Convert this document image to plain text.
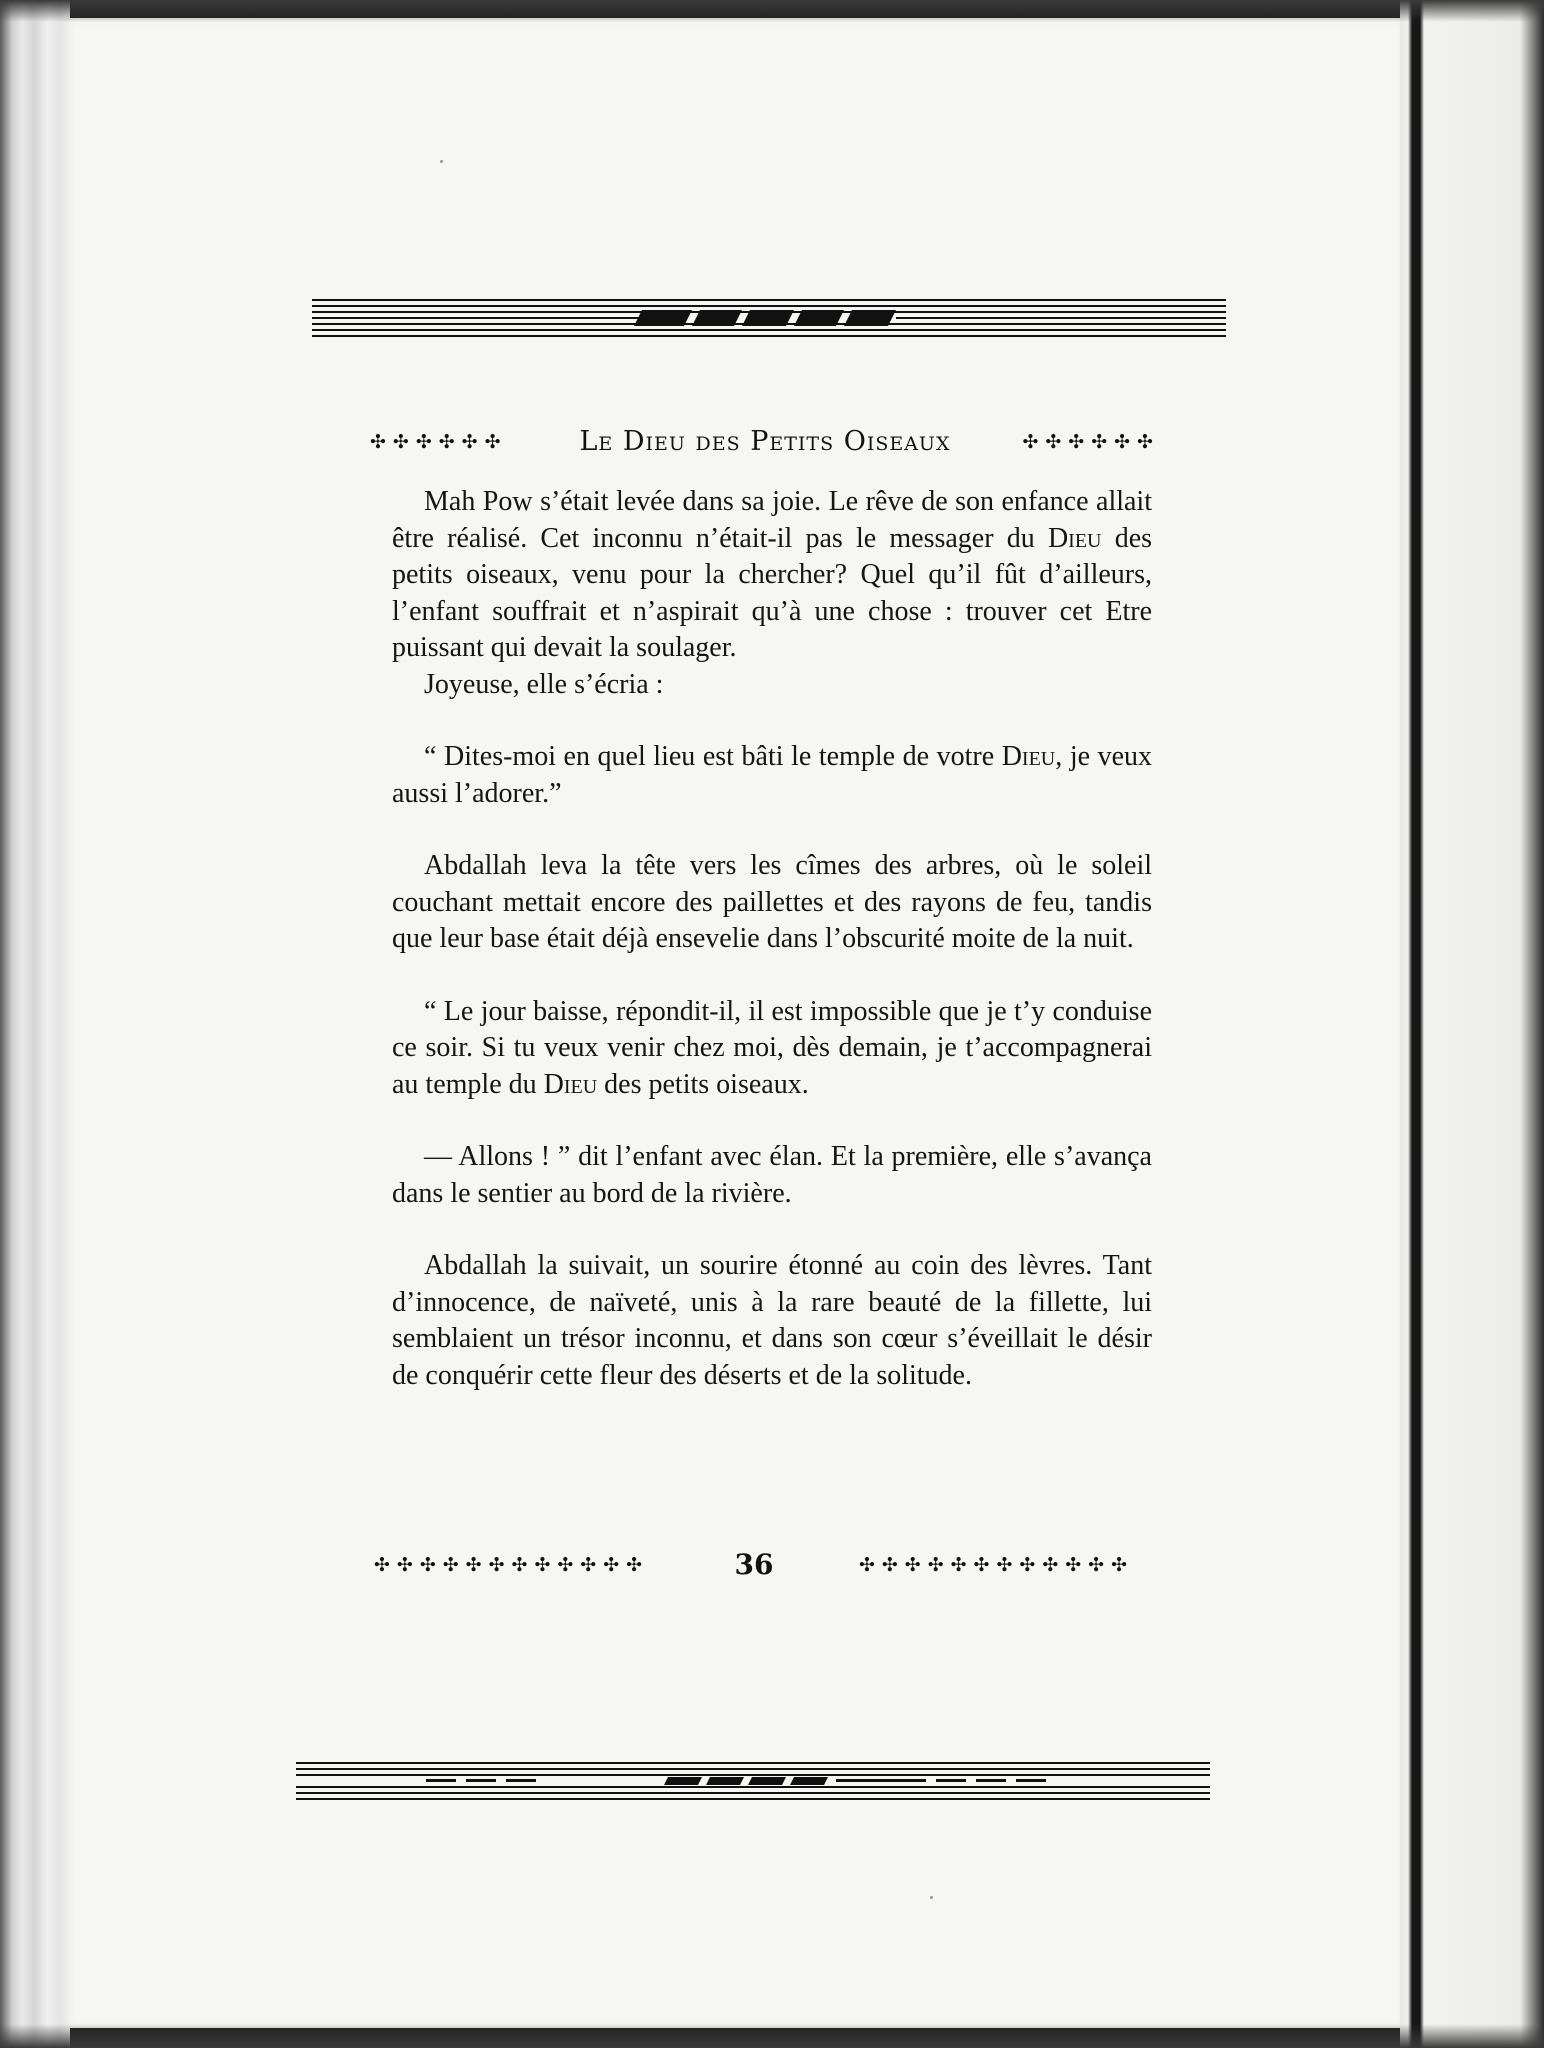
✣✣✣✣✣✣	Le Dieu des Petits Oiseaux	✣✣✣✣✣✣

Mah Pow s’était levée dans sa joie. Le rêve de son enfance allait être réalisé. Cet inconnu n’était-il pas le messager du Dieu des petits oiseaux, venu pour la chercher? Quel qu’il fût d’ailleurs, l’enfant souffrait et n’aspirait qu’à une chose : trouver cet Etre puissant qui devait la soulager.

Joyeuse, elle s’écria :

“ Dites-moi en quel lieu est bâti le temple de votre Dieu, je veux aussi l’adorer.”

Abdallah leva la tête vers les cîmes des arbres, où le soleil couchant mettait encore des paillettes et des rayons de feu, tandis que leur base était déjà ensevelie dans l’obscurité moite de la nuit.

“ Le jour baisse, répondit-il, il est impossible que je t’y conduise ce soir. Si tu veux venir chez moi, dès demain, je t’accompagnerai au temple du Dieu des petits oiseaux.

— Allons ! ” dit l’enfant avec élan. Et la première, elle s’avança dans le sentier au bord de la rivière.

Abdallah la suivait, un sourire étonné au coin des lèvres. Tant d’innocence, de naïveté, unis à la rare beauté de la fillette, lui semblaient un trésor inconnu, et dans son cœur s’éveillait le désir de conquérir cette fleur des déserts et de la solitude.

✣✣✣✣✣✣✣✣✣✣✣✣	36	✣✣✣✣✣✣✣✣✣✣✣✣
